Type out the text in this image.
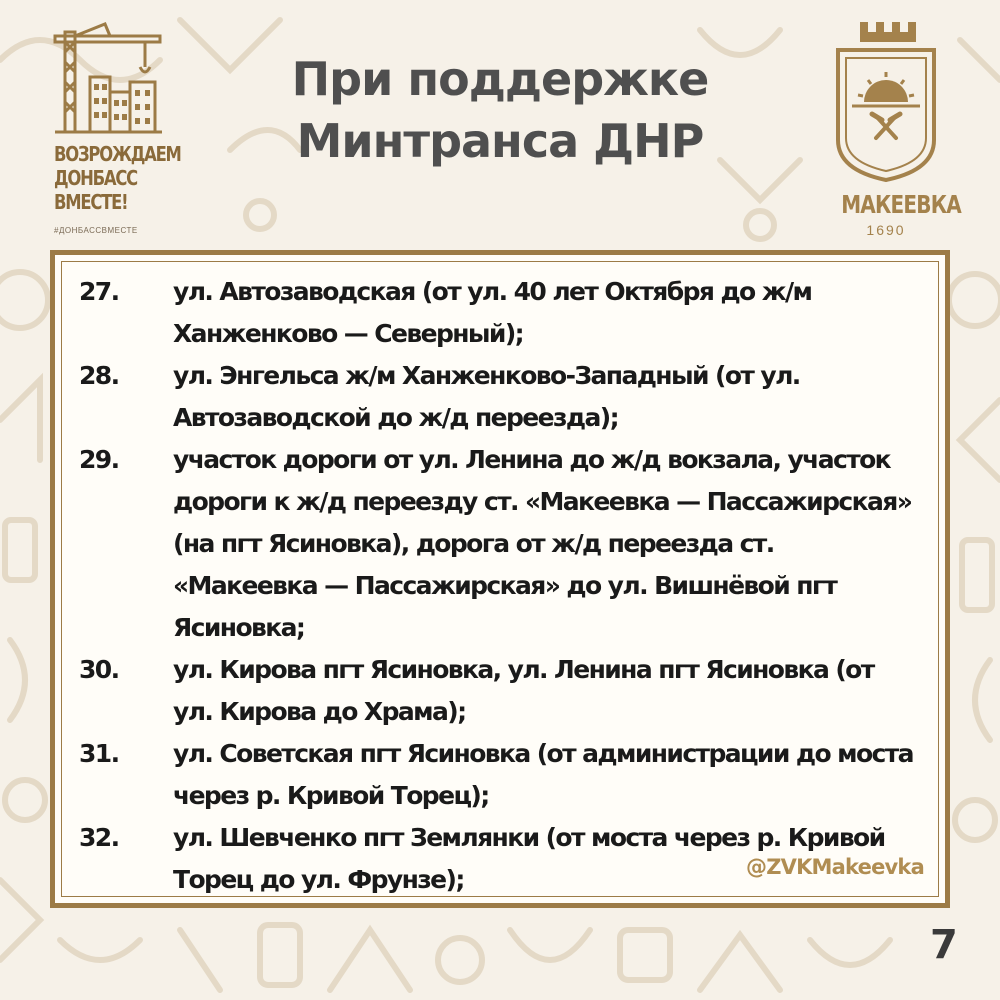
ВОЗРОЖДАЕМ
ДОНБАСС
ВМЕСТЕ!
#ДОНБАССВМЕСТЕ
При поддержке
Минтранса ДНР
МАКЕЕВКА
1690
27. ул. Автозаводская (от ул. 40 лет Октября до ж/м Ханженково — Северный);
28. ул. Энгельса ж/м Ханженково-Западный (от ул. Автозаводской до ж/д переезда);
29. участок дороги от ул. Ленина до ж/д вокзала, участок дороги к ж/д переезду ст. «Макеевка — Пассажирская» (на пгт Ясиновка), дорога от ж/д переезда ст. «Макеевка — Пассажирская» до ул. Вишнёвой пгт Ясиновка;
30. ул. Кирова пгт Ясиновка, ул. Ленина пгт Ясиновка (от ул. Кирова до Храма);
31. ул. Советская пгт Ясиновка (от администрации до моста через р. Кривой Торец);
32. ул. Шевченко пгт Землянки (от моста через р. Кривой Торец до ул. Фрунзе);	@ZVKMakeevka
7
